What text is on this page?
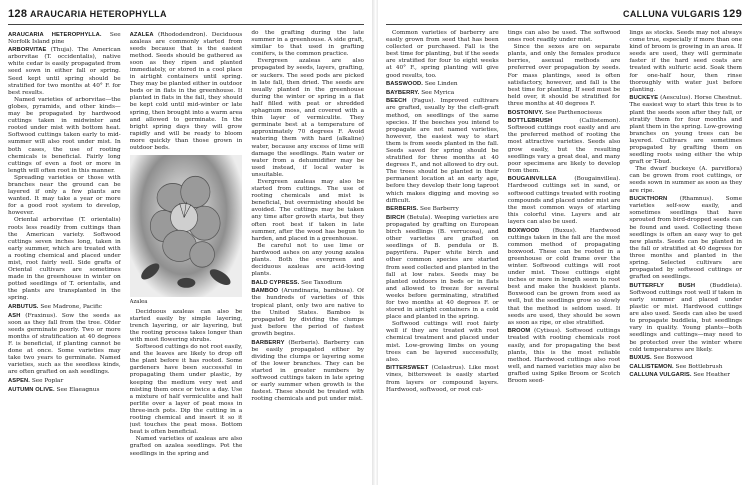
128 ARAUCARIA HETEROPHYLLA

ARAUCARIA HETEROPHYLLA. See Norfolk Island pine

ARBORVITAE (Thuja). The American arborvitae (T. occidentalis), native white cedar is easily propagated from seed sown in either fall or spring. Seed kept until spring should be stratified for two months at 40° F. for best results.

Named varieties of arborvitae—the globes, pyramids, and other kinds—may be propagated by hardwood cuttings taken in midwinter and rooted under mist with bottom heat. Softwood cuttings taken early to mid-summer will also root under mist. In both cases, the use of rooting chemicals is beneficial. Fairly long cuttings of even a foot or more in length will often root in this manner.

Spreading varieties or those with branches near the ground can be layered if only a few plants are wanted. It may take a year or more for a good root system to develop, however.

Oriental arborvitae (T. orientalis) roots less readily from cuttings than the American variety. Softwood cuttings seven inches long, taken in early summer, which are treated with a rooting chemical and placed under mist, root fairly well. Side grafts of Oriental cultivars are sometimes made in the greenhouse in winter on potted seedlings of T. orientalis, and the plants are transplanted in the spring.

ARBUTUS. See Madrone, Pacific

ASH (Fraxinus). Sow the seeds as soon as they fall from the tree. Older seeds germinate poorly. Two or more months of stratification at 40 degrees F. is beneficial, if planting cannot be done at once. Some varieties may take two years to germinate. Named varieties, such as the seedless kinds, are often grafted on ash seedlings.

ASPEN. See Poplar

AUTUMN OLIVE. See Elaeagnus

AZALEA (Rhododendron). Deciduous azaleas are commonly started from seeds because that is the easiest method. Seeds should be gathered as soon as they ripen and planted immediately, or stored in a cool place in airtight containers until spring. They may be planted either in outdoor beds or in flats in the greenhouse. If planted in flats in the fall, they should be kept cold until mid-winter or late spring, then brought into a warm area and allowed to germinate. In the bright spring days they will grow rapidly and will be ready to bloom more quickly than those grown in outdoor beds.

Azalea

Deciduous azaleas can also be started easily by simple layering, trench layering, or air layering, but the rooting process takes longer than with most flowering shrubs.

Softwood cuttings do not root easily, and the leaves are likely to drop off the plant before it has rooted. Some gardeners have been successful in propagating them under plastic, by keeping the medium very wet and misting them once or twice a day. Use a mixture of half vermiculite and half perlite over a layer of peat moss in three-inch pots. Dip the cutting in a rooting chemical and insert it so it just touches the peat moss. Bottom heat is often beneficial.

Named varieties of azaleas are also grafted on azalea seedlings. Pot the seedlings in the spring and

do the grafting during the late summer in a greenhouse. A side graft, similar to that used in grafting conifers, is the common practice.

Evergreen azaleas are also propagated by seeds, layers, grafting, or suckers. The seed pods are picked in late fall, then dried. The seeds are usually planted in the greenhouse during the winter or spring in a flat half filled with peat or shredded sphagnum moss, and covered with a thin layer of vermiculite. They germinate best at a temperature of approximately 70 degrees F. Avoid watering them with hard (alkaline) water, because any excess of lime will damage the seedlings. Rain water or water from a dehumidifier may be used instead, if local water is unsuitable.

Evergreen azaleas may also be started from cuttings. The use of rooting chemicals and mist is beneficial, but overmisting should be avoided. The cuttings may be taken any time after growth starts, but they often root best if taken in late summer, after the wood has begun to harden, and placed in a greenhouse.

Be careful not to use lime or hardwood ashes on any young azalea plants. Both the evergreen and deciduous azaleas are acid-loving plants.

BALD CYPRESS. See Taxodium

BAMBOO (Arundinaria, bambusa). Of the hundreds of varieties of this tropical plant, only two are native to the United States. Bamboo is propagated by dividing the clumps just before the period of fastest growth begins.

BARBERRY (Berberis). Barberry can be easily propagated either by dividing the clumps or layering some of the lower branches. They can be started in greater numbers by softwood cuttings taken in late spring or early summer when growth is the fastest. These should be treated with rooting chemicals and put under mist.

CALLUNA VULGARIS 129

Common varieties of barberry are easily grown from seed that has been collected or purchased. Fall is the best time for planting, but if the seeds are stratified for four to eight weeks at 40° F., spring planting will give good results, too.

BASSWOOD. See Linden

BAYBERRY. See Myrica

BEECH (Fagus). Improved cultivars are grafted, usually by the cleft-graft method, on seedlings of the same species. If the beeches you intend to propagate are not named varieties, however, the easiest way to start them is from seeds planted in the fall. Seeds saved for spring should be stratified for three months at 40 degrees F., and not allowed to dry out. The trees should be planted in their permanent location at an early age, before they develop their long taproot which makes digging and moving so difficult.

BERBERIS. See Barberry

BIRCH (Betula). Weeping varieties are propagated by grafting on European birch seedlings (B. verrucosa), and other varieties are grafted on seedlings of B. pendula or B. papyrifera. Paper white birch and other common species are started from seed collected and planted in the fall at low rates. Seeds may be planted outdoors in beds or in flats and allowed to freeze for several weeks before germinating, stratified for two months at 40 degrees F. or stored in airtight containers in a cold place and planted in the spring.

Softwood cuttings will root fairly well if they are treated with root chemical treatment and placed under mist. Low-growing limbs on young trees can be layered successfully, also.

BITTERSWEET (Celastrus). Like most vines, bittersweet is easily started from layers or compound layers. Hardwood, softwood, or root cut-

tings can also be used. The softwood ones root readily under mist.

Since the sexes are on separate plants, and only the females produce berries, asexual methods are preferred over propagation by seeds. For mass plantings, seed is often satisfactory, however, and fall is the best time for planting. If seed must be held over, it should be stratified for three months at 40 degrees F.

BOSTONIVY. See Parthenocissus

BOTTLEBRUSH	(Callistemon). Softwood cuttings root easily and are the preferred method of rooting the most attractive varieties. Seeds also grow easily, but the resulting seedlings vary a great deal, and many poor specimens are likely to develop from them.

BOUGAINVILLEA	(Bougainvillea). Hardwood cuttings set in sand, or softwood cuttings treated with rooting compounds and placed under mist are the most common ways of starting this colorful vine. Layers and air layers can also be used.

BOXWOOD (Buxus). Hardwood cuttings taken in the fall are the most common method of propagating boxwood. These can be rooted in a greenhouse or cold frame over the winter. Softwood cuttings will root under mist. Those cuttings eight inches or more in length seem to root best and make the huskiest plants. Boxwood can be grown from seed as well, but the seedlings grow so slowly that the method is seldom used. If seeds are used, they should be sown as soon as ripe, or else stratified.

BROOM (Cytisus). Softwood cuttings treated with rooting chemicals root easily, and for propagating the best plants, this is the most reliable method. Hardwood cuttings also root well, and named varieties may also be grafted using Spike Broom or Scotch Broom seed-

lings as stocks. Seeds may not always come true, especially if more than one kind of broom is growing in an area. If seeds are used, they will germinate faster if the hard seed coats are treated with sulfuric acid. Soak them for one-half hour, then rinse thoroughly with water just before planting.

BUCKEYE (Aesculus). Horse Chestnut. The easiest way to start this tree is to plant the seeds soon after they fall, or stratify them for four months and plant them in the spring. Low-growing branches on young trees can be layered. Cultivars are sometimes propagated by grafting them on seedling roots using either the whip graft or T-bud.

The dwarf buckeye (A. parviflora) can be grown from root cuttings, or seeds sown in summer as soon as they are ripe.

BUCKTHORN (Rhamnus). Some varieties self-sow easily, and sometimes seedlings that have sprouted from bird-dropped seeds can be found and used. Collecting these seedlings is often an easy way to get new plants. Seeds can be planted in the fall or stratified at 40 degrees for three months and planted in the spring. Selected cultivars are propagated by softwood cuttings or grafted on seedlings.

BUTTERFLY BUSH	(Buddleia). Softwood cuttings root well if taken in early summer and placed under plastic or mist. Hardwood cuttings are also used. Seeds can also be used to propagate buddleia, but seedlings vary in quality. Young plants—both seedlings and cuttings—may need to be protected over the winter where cold temperatures are likely.

BUXUS. See Boxwood

CALLISTEMON. See Bottlebrush

CALLUNA VULGARIS. See Heather
